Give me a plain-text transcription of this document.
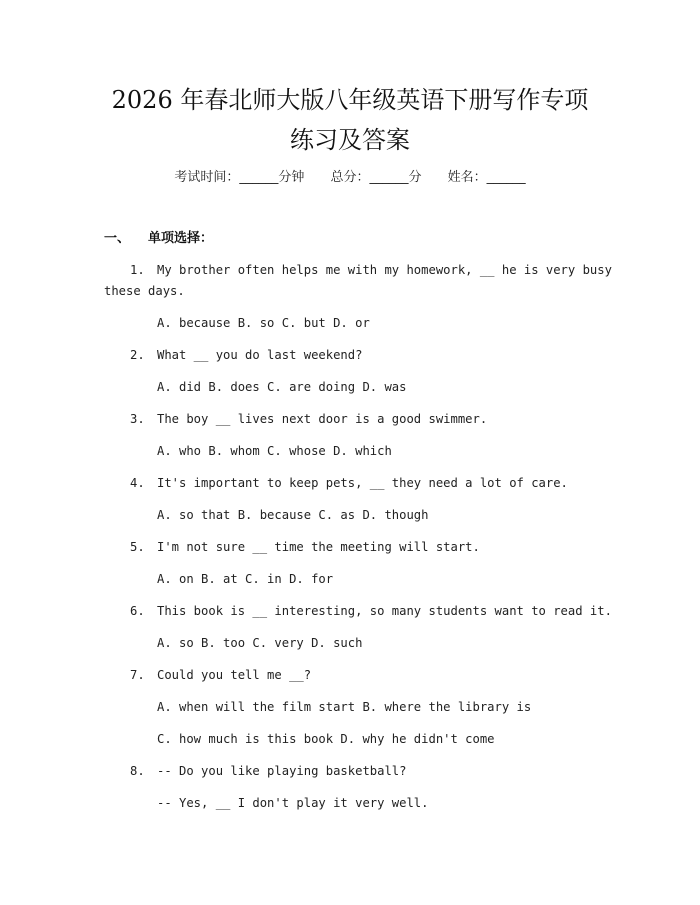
2026 年春北师大版八年级英语下册写作专项
练习及答案
考试时间：______分钟 总分：______分 姓名：______
一、 单项选择：
1. My brother often helps me with my homework, __ he is very busy
these days.
A. because B. so C. but D. or
2. What __ you do last weekend?
A. did B. does C. are doing D. was
3. The boy __ lives next door is a good swimmer.
A. who B. whom C. whose D. which
4. It's important to keep pets, __ they need a lot of care.
A. so that B. because C. as D. though
5. I'm not sure __ time the meeting will start.
A. on B. at C. in D. for
6. This book is __ interesting, so many students want to read it.
A. so B. too C. very D. such
7. Could you tell me __?
A. when will the film start B. where the library is
C. how much is this book D. why he didn't come
8. -- Do you like playing basketball?
-- Yes, __ I don't play it very well.
